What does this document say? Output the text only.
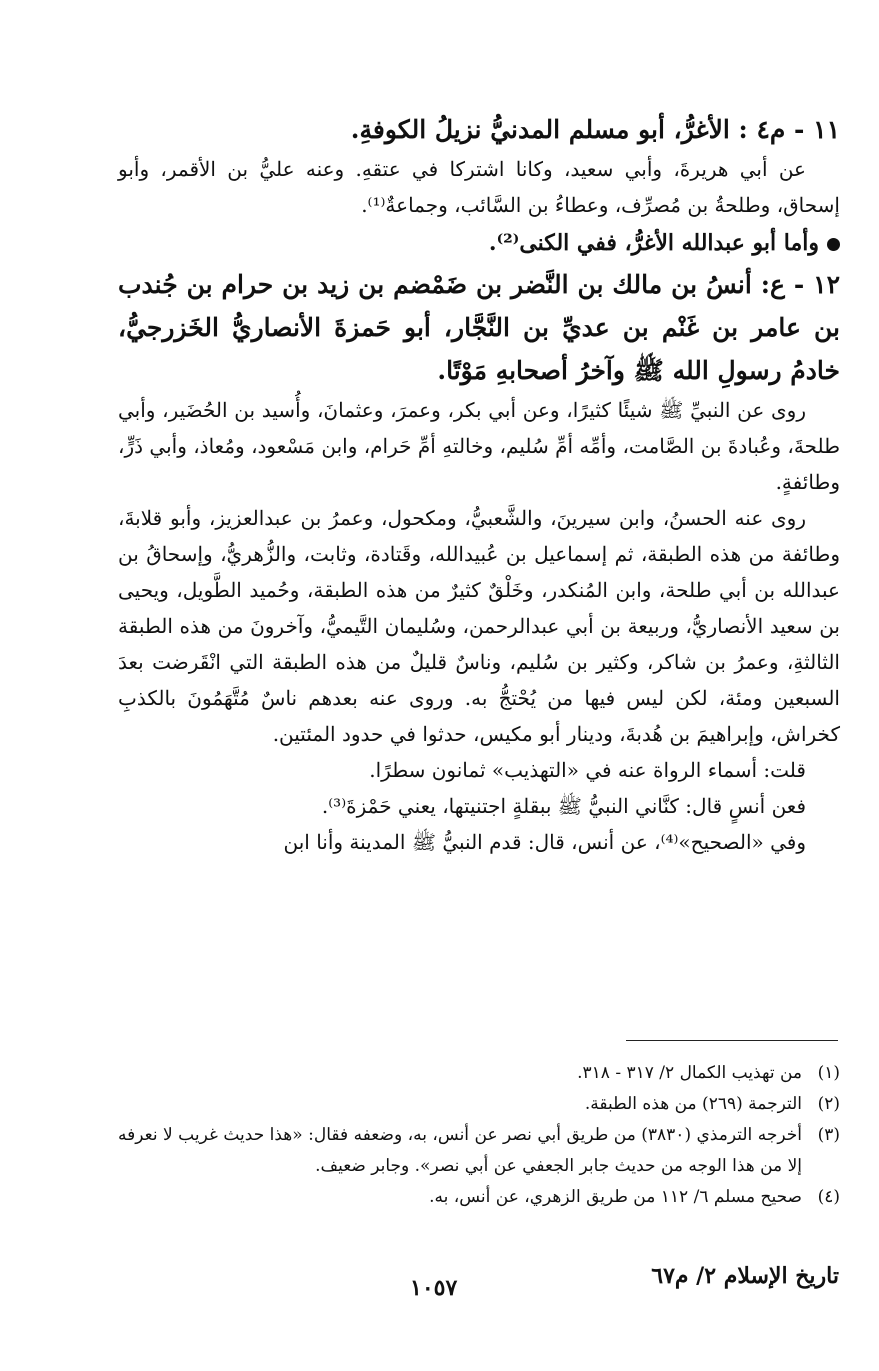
١١ - م٤ : الأغرُّ، أبو مسلم المدنيُّ نزيلُ الكوفةِ.

عن أبي هريرةَ، وأبي سعيد، وكانا اشتركا في عتقهِ. وعنه عليُّ بن الأقمر، وأبو إسحاق، وطلحةُ بن مُصرِّف، وعطاءُ بن السَّائب، وجماعةٌ⁽¹⁾.

وأما أبو عبدالله الأغرُّ، ففي الكنى⁽²⁾.

١٢ - ع: أنسُ بن مالك بن النَّضر بن ضَمْضم بن زيد بن حرام بن جُندب بن عامر بن غَنْم بن عديِّ بن النَّجَّار، أبو حَمزةَ الأنصاريُّ الخَزرجيُّ، خادمُ رسولِ الله ﷺ وآخرُ أصحابهِ مَوْتًا.

روى عن النبيِّ ﷺ شيئًا كثيرًا، وعن أبي بكر، وعمرَ، وعثمانَ، وأُسيد بن الحُضَير، وأبي طلحةَ، وعُبادةَ بن الصَّامت، وأمِّه أمِّ سُليم، وخالتهِ أمِّ حَرام، وابن مَسْعود، ومُعاذ، وأبي ذَرٍّ، وطائفةٍ.

روى عنه الحسنُ، وابن سيرينَ، والشَّعبيُّ، ومكحول، وعمرُ بن عبدالعزيز، وأبو قلابةَ، وطائفة من هذه الطبقة، ثم إسماعيل بن عُبيدالله، وقَتادة، وثابت، والزُّهريُّ، وإسحاقُ بن عبدالله بن أبي طلحة، وابن المُنكدر، وخَلْقٌ كثيرٌ من هذه الطبقة، وحُميد الطَّويل، ويحيى بن سعيد الأنصاريُّ، وربيعة بن أبي عبدالرحمن، وسُليمان التَّيميُّ، وآخرونَ من هذه الطبقة الثالثةِ، وعمرُ بن شاكر، وكثير بن سُليم، وناسٌ قليلٌ من هذه الطبقة التي انْقَرضت بعدَ السبعين ومئة، لكن ليس فيها من يُحْتجُّ به. وروى عنه بعدهم ناسٌ مُتَّهَمُونَ بالكذبِ كخراش، وإبراهيمَ بن هُدبةَ، ودينار أبو مكيس، حدثوا في حدود المئتين.

قلت: أسماء الرواة عنه في «التهذيب» ثمانون سطرًا.

فعن أنسٍ قال: كنَّاني النبيُّ ﷺ ببقلةٍ اجتنيتها، يعني حَمْزةَ⁽³⁾.

وفي «الصحيح»⁽⁴⁾، عن أنس، قال: قدم النبيُّ ﷺ المدينة وأنا ابن

(١)
من تهذيب الكمال ٢/ ٣١٧ - ٣١٨.
(٢)
الترجمة (٢٦٩) من هذه الطبقة.
(٣)
أخرجه الترمذي (٣٨٣٠) من طريق أبي نصر عن أنس، به، وضعفه فقال: «هذا حديث غريب لا نعرفه إلا من هذا الوجه من حديث جابر الجعفي عن أبي نصر». وجابر ضعيف.
(٤)
صحيح مسلم ٦/ ١١٢ من طريق الزهري، عن أنس، به.
١٠٥٧	تاريخ الإسلام ٢/ م٦٧
